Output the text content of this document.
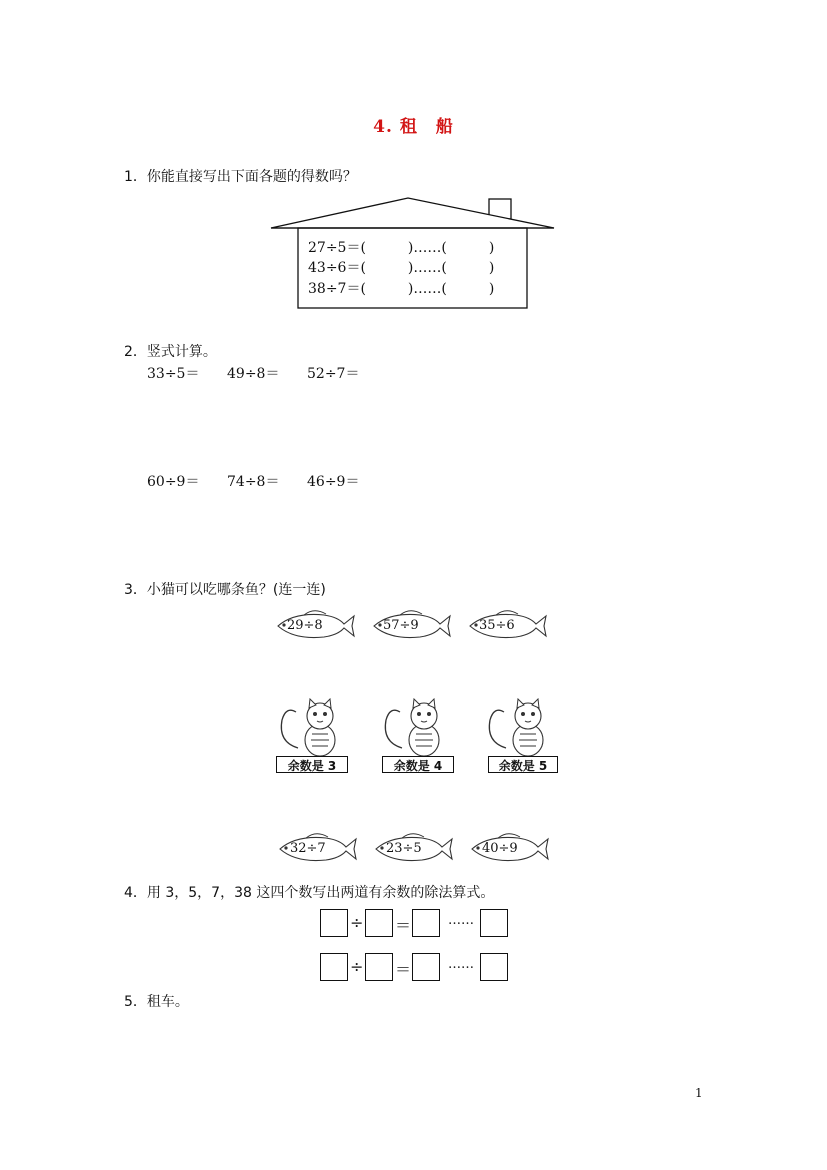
4. 租　船
1．你能直接写出下面各题的得数吗？
27÷5＝(　　　)……(　　　)
43÷6＝(　　　)……(　　　)
38÷7＝(　　　)……(　　　)
2．竖式计算。
33÷5＝ 49÷8＝ 52÷7＝
60÷9＝ 74÷8＝ 46÷9＝
3．小猫可以吃哪条鱼？(连一连)
29÷8	57÷9	35÷6
余数是 3	余数是 4	余数是 5
32÷7	23÷5	40÷9
4．用 3，5，7，38 这四个数写出两道有余数的除法算式。
÷ ＝	……
÷ ＝	……
5．租车。
1
